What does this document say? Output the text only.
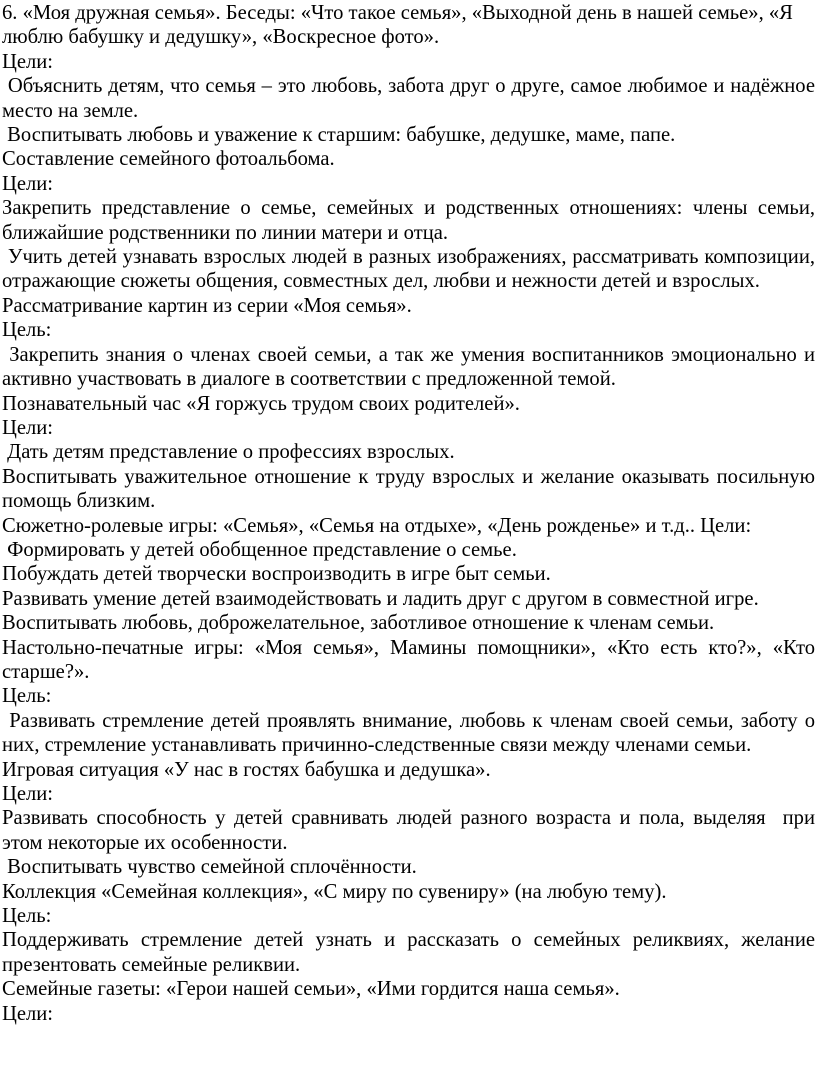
6. «Моя дружная семья». Беседы: «Что такое семья», «Выходной день в нашей семье», «Я люблю бабушку и дедушку», «Воскресное фото».

Цели:

Объяснить детям, что семья – это любовь, забота друг о друге, самое любимое и надёжное место на земле.

Воспитывать любовь и уважение к старшим: бабушке, дедушке, маме, папе.

Составление семейного фотоальбома.

Цели:

Закрепить представление о семье, семейных и родственных отношениях: члены семьи, ближайшие родственники по линии матери и отца.

Учить детей узнавать взрослых людей в разных изображениях, рассматривать композиции, отражающие сюжеты общения, совместных дел, любви и нежности детей и взрослых.

Рассматривание картин из серии «Моя семья».

Цель:

Закрепить знания о членах своей семьи, а так же умения воспитанников эмоционально и активно участвовать в диалоге в соответствии с предложенной темой.

Познавательный час «Я горжусь трудом своих родителей».

Цели:

Дать детям представление о профессиях взрослых.

Воспитывать уважительное отношение к труду взрослых и желание оказывать посильную помощь близким.

Сюжетно-ролевые игры: «Семья», «Семья на отдыхе», «День рожденье» и т.д.. Цели:

Формировать у детей обобщенное представление о семье.

Побуждать детей творчески воспроизводить в игре быт семьи.

Развивать умение детей взаимодействовать и ладить друг с другом в совместной игре.

Воспитывать любовь, доброжелательное, заботливое отношение к членам семьи.

Настольно-печатные игры: «Моя семья», Мамины помощники», «Кто есть кто?», «Кто старше?».

Цель:

Развивать стремление детей проявлять внимание, любовь к членам своей семьи, заботу о них, стремление устанавливать причинно-следственные связи между членами семьи.

Игровая ситуация «У нас в гостях бабушка и дедушка».

Цели:

Развивать способность у детей сравнивать людей разного возраста и пола, выделяя  при этом некоторые их особенности.

Воспитывать чувство семейной сплочённости.

Коллекция «Семейная коллекция», «С миру по сувениру» (на любую тему).

Цель:

Поддерживать стремление детей узнать и рассказать о семейных реликвиях, желание презентовать семейные реликвии.

Семейные газеты: «Герои нашей семьи», «Ими гордится наша семья».

Цели:
